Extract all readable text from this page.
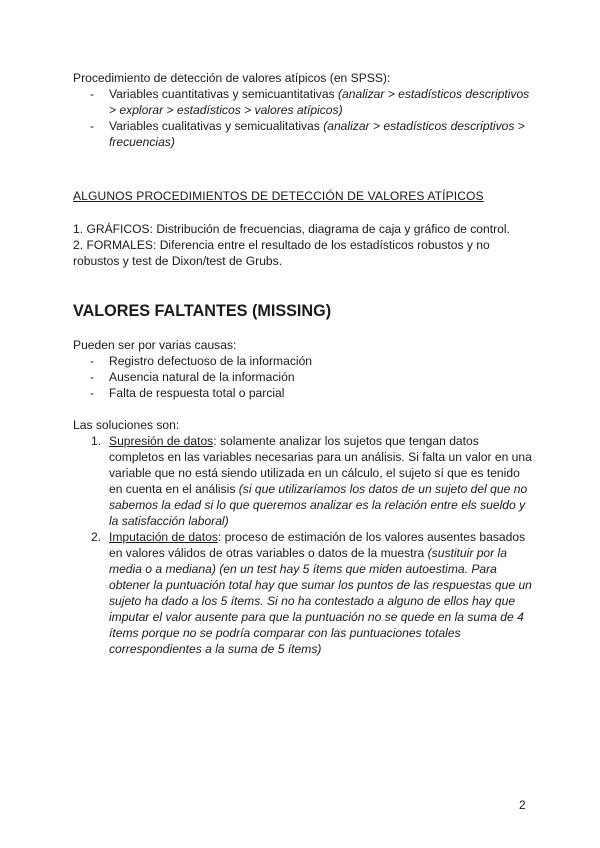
Procedimiento de detección de valores atípicos (en SPSS):

- Variables cuantitativas y semicuantitativas (analizar > estadísticos descriptivos > explorar > estadísticos > valores atípicos)
- Variables cualitativas y semicualitativas (analizar > estadísticos descriptivos > frecuencias)

ALGUNOS PROCEDIMIENTOS DE DETECCIÓN DE VALORES ATÍPICOS

1. GRÁFICOS: Distribución de frecuencias, diagrama de caja y gráfico de control.

2. FORMALES: Diferencia entre el resultado de los estadísticos robustos y no robustos y test de Dixon/test de Grubs.

VALORES FALTANTES (MISSING)

Pueden ser por varias causas:

- Registro defectuoso de la información
- Ausencia natural de la información
- Falta de respuesta total o parcial

Las soluciones son:

1. Supresión de datos: solamente analizar los sujetos que tengan datos completos en las variables necesarias para un análisis. Si falta un valor en una variable que no está siendo utilizada en un cálculo, el sujeto sí que es tenido en cuenta en el análisis (si que utilizaríamos los datos de un sujeto del que no sabemos la edad si lo que queremos analizar es la relación entre els sueldo y la satisfacción laboral)
2. Imputación de datos: proceso de estimación de los valores ausentes basados en valores válidos de otras variables o datos de la muestra (sustituir por la media o a mediana) (en un test hay 5 ítems que miden autoestima. Para obtener la puntuación total hay que sumar los puntos de las respuestas que un sujeto ha dado a los 5 ítems. Si no ha contestado a alguno de ellos hay que imputar el valor ausente para que la puntuación no se quede en la suma de 4 ítems porque no se podría comparar con las puntuaciones totales correspondientes a la suma de 5 ítems)
2
